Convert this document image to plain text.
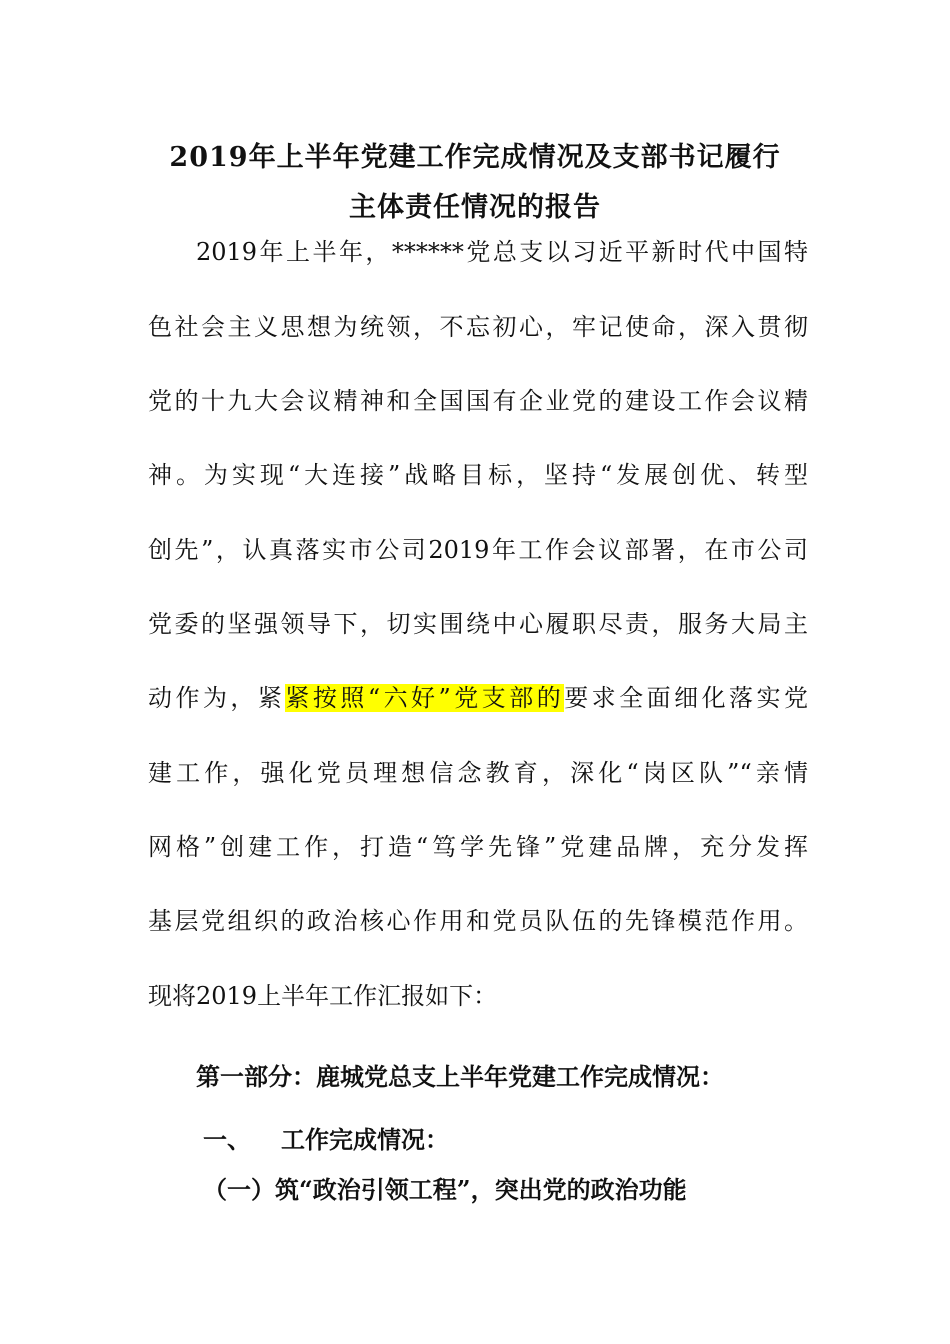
2019年上半年党建工作完成情况及支部书记履行
主体责任情况的报告
2019年上半年，******党总支以习近平新时代中国特
色社会主义思想为统领，不忘初心，牢记使命，深入贯彻
党的十九大会议精神和全国国有企业党的建设工作会议精
神。为实现“大连接”战略目标，坚持“发展创优、转型
创先”，认真落实市公司2019年工作会议部署，在市公司
党委的坚强领导下，切实围绕中心履职尽责，服务大局主
动作为，紧紧按照“六好”党支部的要求全面细化落实党
建工作，强化党员理想信念教育，深化“岗区队”“亲情
网格”创建工作，打造“笃学先锋”党建品牌，充分发挥
基层党组织的政治核心作用和党员队伍的先锋模范作用。
现将2019上半年工作汇报如下：
第一部分：鹿城党总支上半年党建工作完成情况：
一、 工作完成情况：
（一）筑“政治引领工程”，突出党的政治功能
